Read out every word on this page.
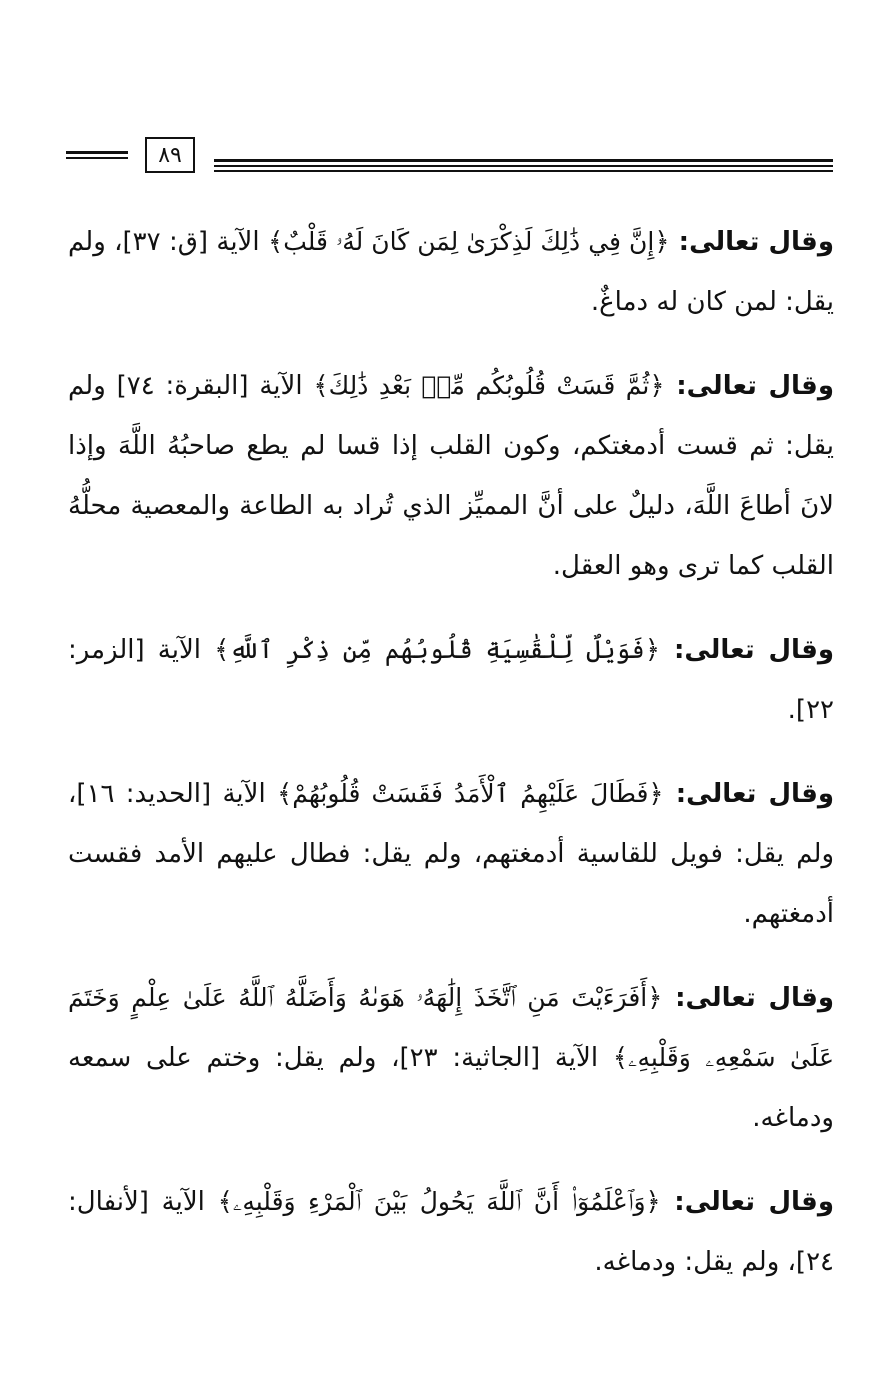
٨٩

وقال تعالى: ﴿إِنَّ فِي ذَٰلِكَ لَذِكْرَىٰ لِمَن كَانَ لَهُۥ قَلْبٌ﴾ الآية [ق: ٣٧]، ولم يقل: لمن كان له دماغٌ.

وقال تعالى: ﴿ثُمَّ قَسَتْ قُلُوبُكُم مِّنۢ بَعْدِ ذَٰلِكَ﴾ الآية [البقرة: ٧٤] ولم يقل: ثم قست أدمغتكم، وكون القلب إذا قسا لم يطع صاحبُهُ اللَّهَ وإذا لانَ أطاعَ اللَّهَ، دليلٌ على أنَّ المميِّز الذي تُراد به الطاعة والمعصية محلُّهُ القلب كما ترى وهو العقل.

وقال تعالى: ﴿فَوَيْلٌ لِّلْقَٰسِيَةِ قُلُوبُهُم مِّن ذِكْرِ ٱللَّهِ﴾ الآية [الزمر: ٢٢].

وقال تعالى: ﴿فَطَالَ عَلَيْهِمُ ٱلْأَمَدُ فَقَسَتْ قُلُوبُهُمْ﴾ الآية [الحديد: ١٦]، ولم يقل: فويل للقاسية أدمغتهم، ولم يقل: فطال عليهم الأمد فقست أدمغتهم.

وقال تعالى: ﴿أَفَرَءَيْتَ مَنِ ٱتَّخَذَ إِلَٰهَهُۥ هَوَىٰهُ وَأَضَلَّهُ ٱللَّهُ عَلَىٰ عِلْمٍ وَخَتَمَ عَلَىٰ سَمْعِهِۦ وَقَلْبِهِۦ﴾ الآية [الجاثية: ٢٣]، ولم يقل: وختم على سمعه ودماغه.

وقال تعالى: ﴿وَٱعْلَمُوٓا۟ أَنَّ ٱللَّهَ يَحُولُ بَيْنَ ٱلْمَرْءِ وَقَلْبِهِۦ﴾ الآية [لأنفال: ٢٤]، ولم يقل: ودماغه.
